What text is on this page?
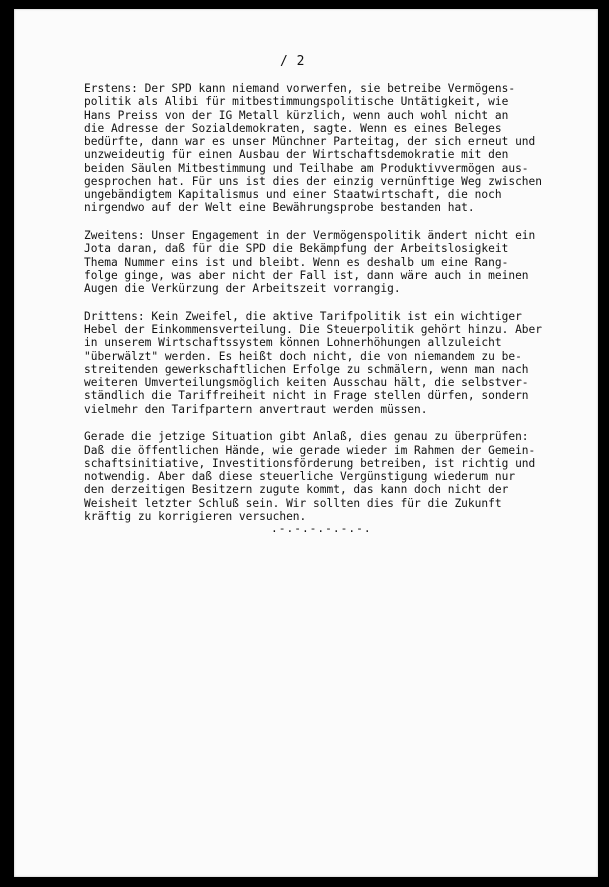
/ 2
Erstens: Der SPD kann niemand vorwerfen, sie betreibe Vermögens-
politik als Alibi für mitbestimmungspolitische Untätigkeit, wie
Hans Preiss von der IG Metall kürzlich, wenn auch wohl nicht an
die Adresse der Sozialdemokraten, sagte. Wenn es eines Beleges
bedürfte, dann war es unser Münchner Parteitag, der sich erneut und
unzweideutig für einen Ausbau der Wirtschaftsdemokratie mit den
beiden Säulen Mitbestimmung und Teilhabe am Produktivvermögen aus-
gesprochen hat. Für uns ist dies der einzig vernünftige Weg zwischen
ungebändigtem Kapitalismus und einer Staatwirtschaft, die noch
nirgendwo auf der Welt eine Bewährungsprobe bestanden hat.
Zweitens: Unser Engagement in der Vermögenspolitik ändert nicht ein
Jota daran, daß für die SPD die Bekämpfung der Arbeitslosigkeit
Thema Nummer eins ist und bleibt. Wenn es deshalb um eine Rang-
folge ginge, was aber nicht der Fall ist, dann wäre auch in meinen
Augen die Verkürzung der Arbeitszeit vorrangig.
Drittens: Kein Zweifel, die aktive Tarifpolitik ist ein wichtiger
Hebel der Einkommensverteilung. Die Steuerpolitik gehört hinzu. Aber
in unserem Wirtschaftssystem können Lohnerhöhungen allzuleicht
"überwälzt" werden. Es heißt doch nicht, die von niemandem zu be-
streitenden gewerkschaftlichen Erfolge zu schmälern, wenn man nach
weiteren Umverteilungsmöglich keiten Ausschau hält, die selbstver-
ständlich die Tariffreiheit nicht in Frage stellen dürfen, sondern
vielmehr den Tarifpartern anvertraut werden müssen.
Gerade die jetzige Situation gibt Anlaß, dies genau zu überprüfen:
Daß die öffentlichen Hände, wie gerade wieder im Rahmen der Gemein-
schaftsinitiative, Investitionsförderung betreiben, ist richtig und
notwendig. Aber daß diese steuerliche Vergünstigung wiederum nur
den derzeitigen Besitzern zugute kommt, das kann doch nicht der
Weisheit letzter Schluß sein. Wir sollten dies für die Zukunft
kräftig zu korrigieren versuchen.
.-.-.-.-.-.-.
